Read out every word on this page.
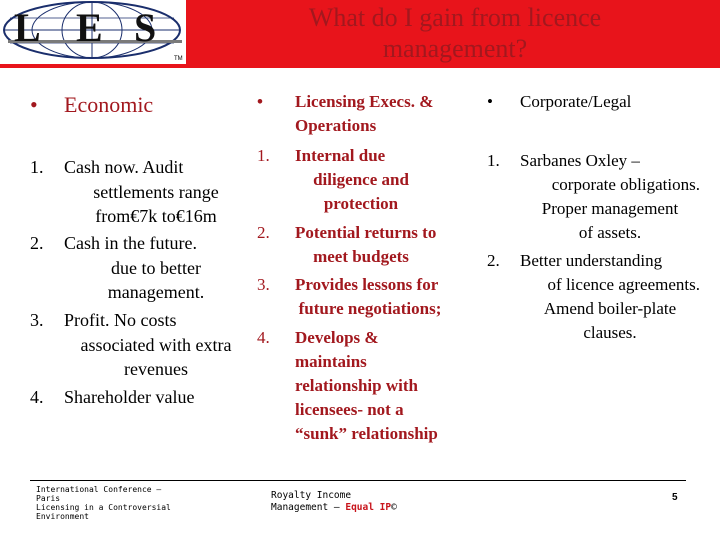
L E S
TM
What do I gain from licence
management?
• Economic
1.	Cash now. Audit
settlements range
from€7k to€16m
2.	Cash in the future.
due to better
management.
3.	Profit. No costs
associated with extra
revenues
4.	Shareholder value
• Licensing Execs. &
Operations
1.	Internal due
diligence and
protection
2.	Potential returns to
meet budgets
3.	Provides lessons for
future negotiations;
4.	Develops &
maintains
relationship with
licensees- not a
“sunk” relationship
• Corporate/Legal
1.	Sarbanes Oxley –
corporate obligations.
Proper management
of assets.
2.	Better understanding
of licence agreements.
Amend boiler-plate
clauses.
International Conference –
Paris
Licensing in a Controversial
Environment
Royalty Income
Management – Equal IP©
5
